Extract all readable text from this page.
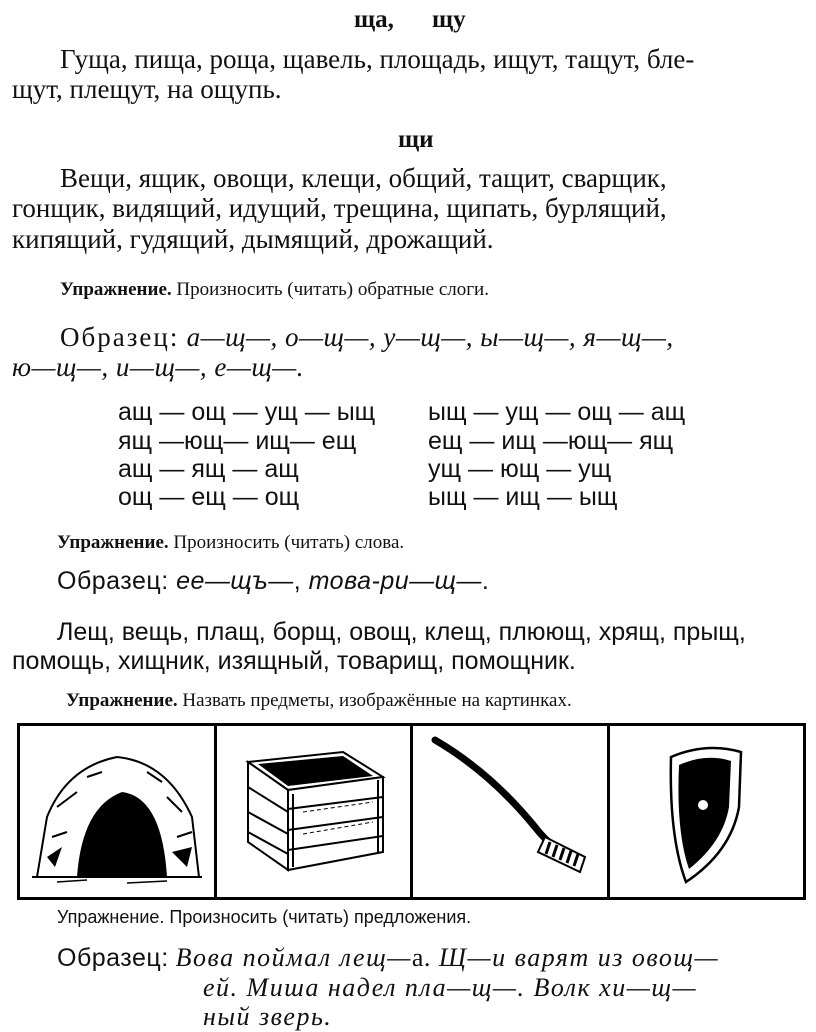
ща, щу
Гуща, пища, роща, щавель, площадь, ищут, тащут, бле-
щут, плещут, на ощупь.
щи
Вещи, ящик, овощи, клещи, общий, тащит, сварщик,
гонщик, видящий, идущий, трещина, щипать, бурлящий,
кипящий, гудящий, дымящий, дрожащий.
Упражнение. Произносить (читать) обратные слоги.
Образец: а—щ—, о—щ—, у—щ—, ы—щ—, я—щ—,
ю—щ—, и—щ—, е—щ—.
ащ — ощ — ущ — ыщ
ящ —ющ— ищ— ещ
ащ — ящ — ащ
ощ — ещ — ощ
ыщ — ущ — ощ — ащ
ещ — ищ —ющ— ящ
ущ — ющ — ущ
ыщ — ищ — ыщ
Упражнение. Произносить (читать) слова.
Образец: ее—щъ—, това-ри—щ—.
Лещ, вещь, плащ, борщ, овощ, клещ, плюющ, хрящ, прыщ,
помощь, хищник, изящный, товарищ, помощник.
Упражнение. Назвать предметы, изображённые на картинках.
Упражнение. Произносить (читать) предложения.
Образец: Вова поймал лещ—а. Щ—и варят из овощ—
ей. Миша надел пла—щ—. Волк хи—щ—
ный зверь.
